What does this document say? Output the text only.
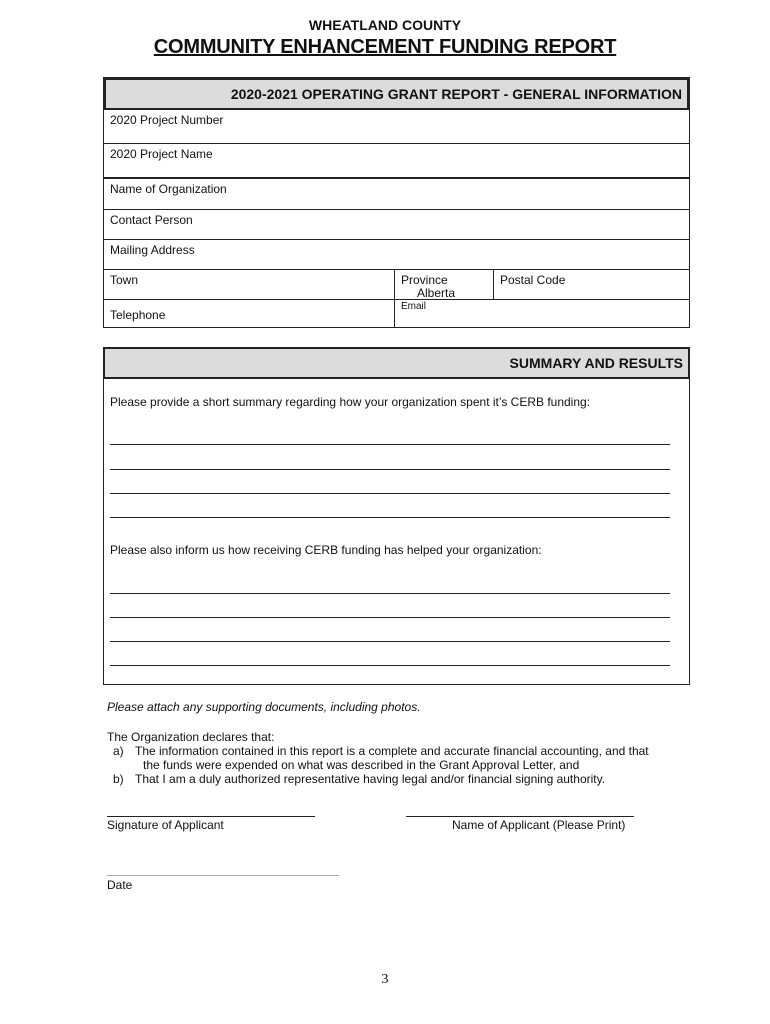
WHEATLAND COUNTY
COMMUNITY ENHANCEMENT FUNDING REPORT
2020-2021 OPERATING GRANT REPORT - GENERAL INFORMATION
2020 Project Number
2020 Project Name
Name of Organization
Contact Person
Mailing Address
Town	Province
Alberta
Postal Code
Telephone
Email
SUMMARY AND RESULTS
Please provide a short summary regarding how your organization spent it’s CERB funding:
Please also inform us how receiving CERB funding has helped your organization:
Please attach any supporting documents, including photos.
The Organization declares that:
a) The information contained in this report is a complete and accurate financial accounting, and that
the funds were expended on what was described in the Grant Approval Letter, and
b) That I am a duly authorized representative having legal and/or financial signing authority.
Signature of Applicant	Name of Applicant (Please Print)
Date
3
